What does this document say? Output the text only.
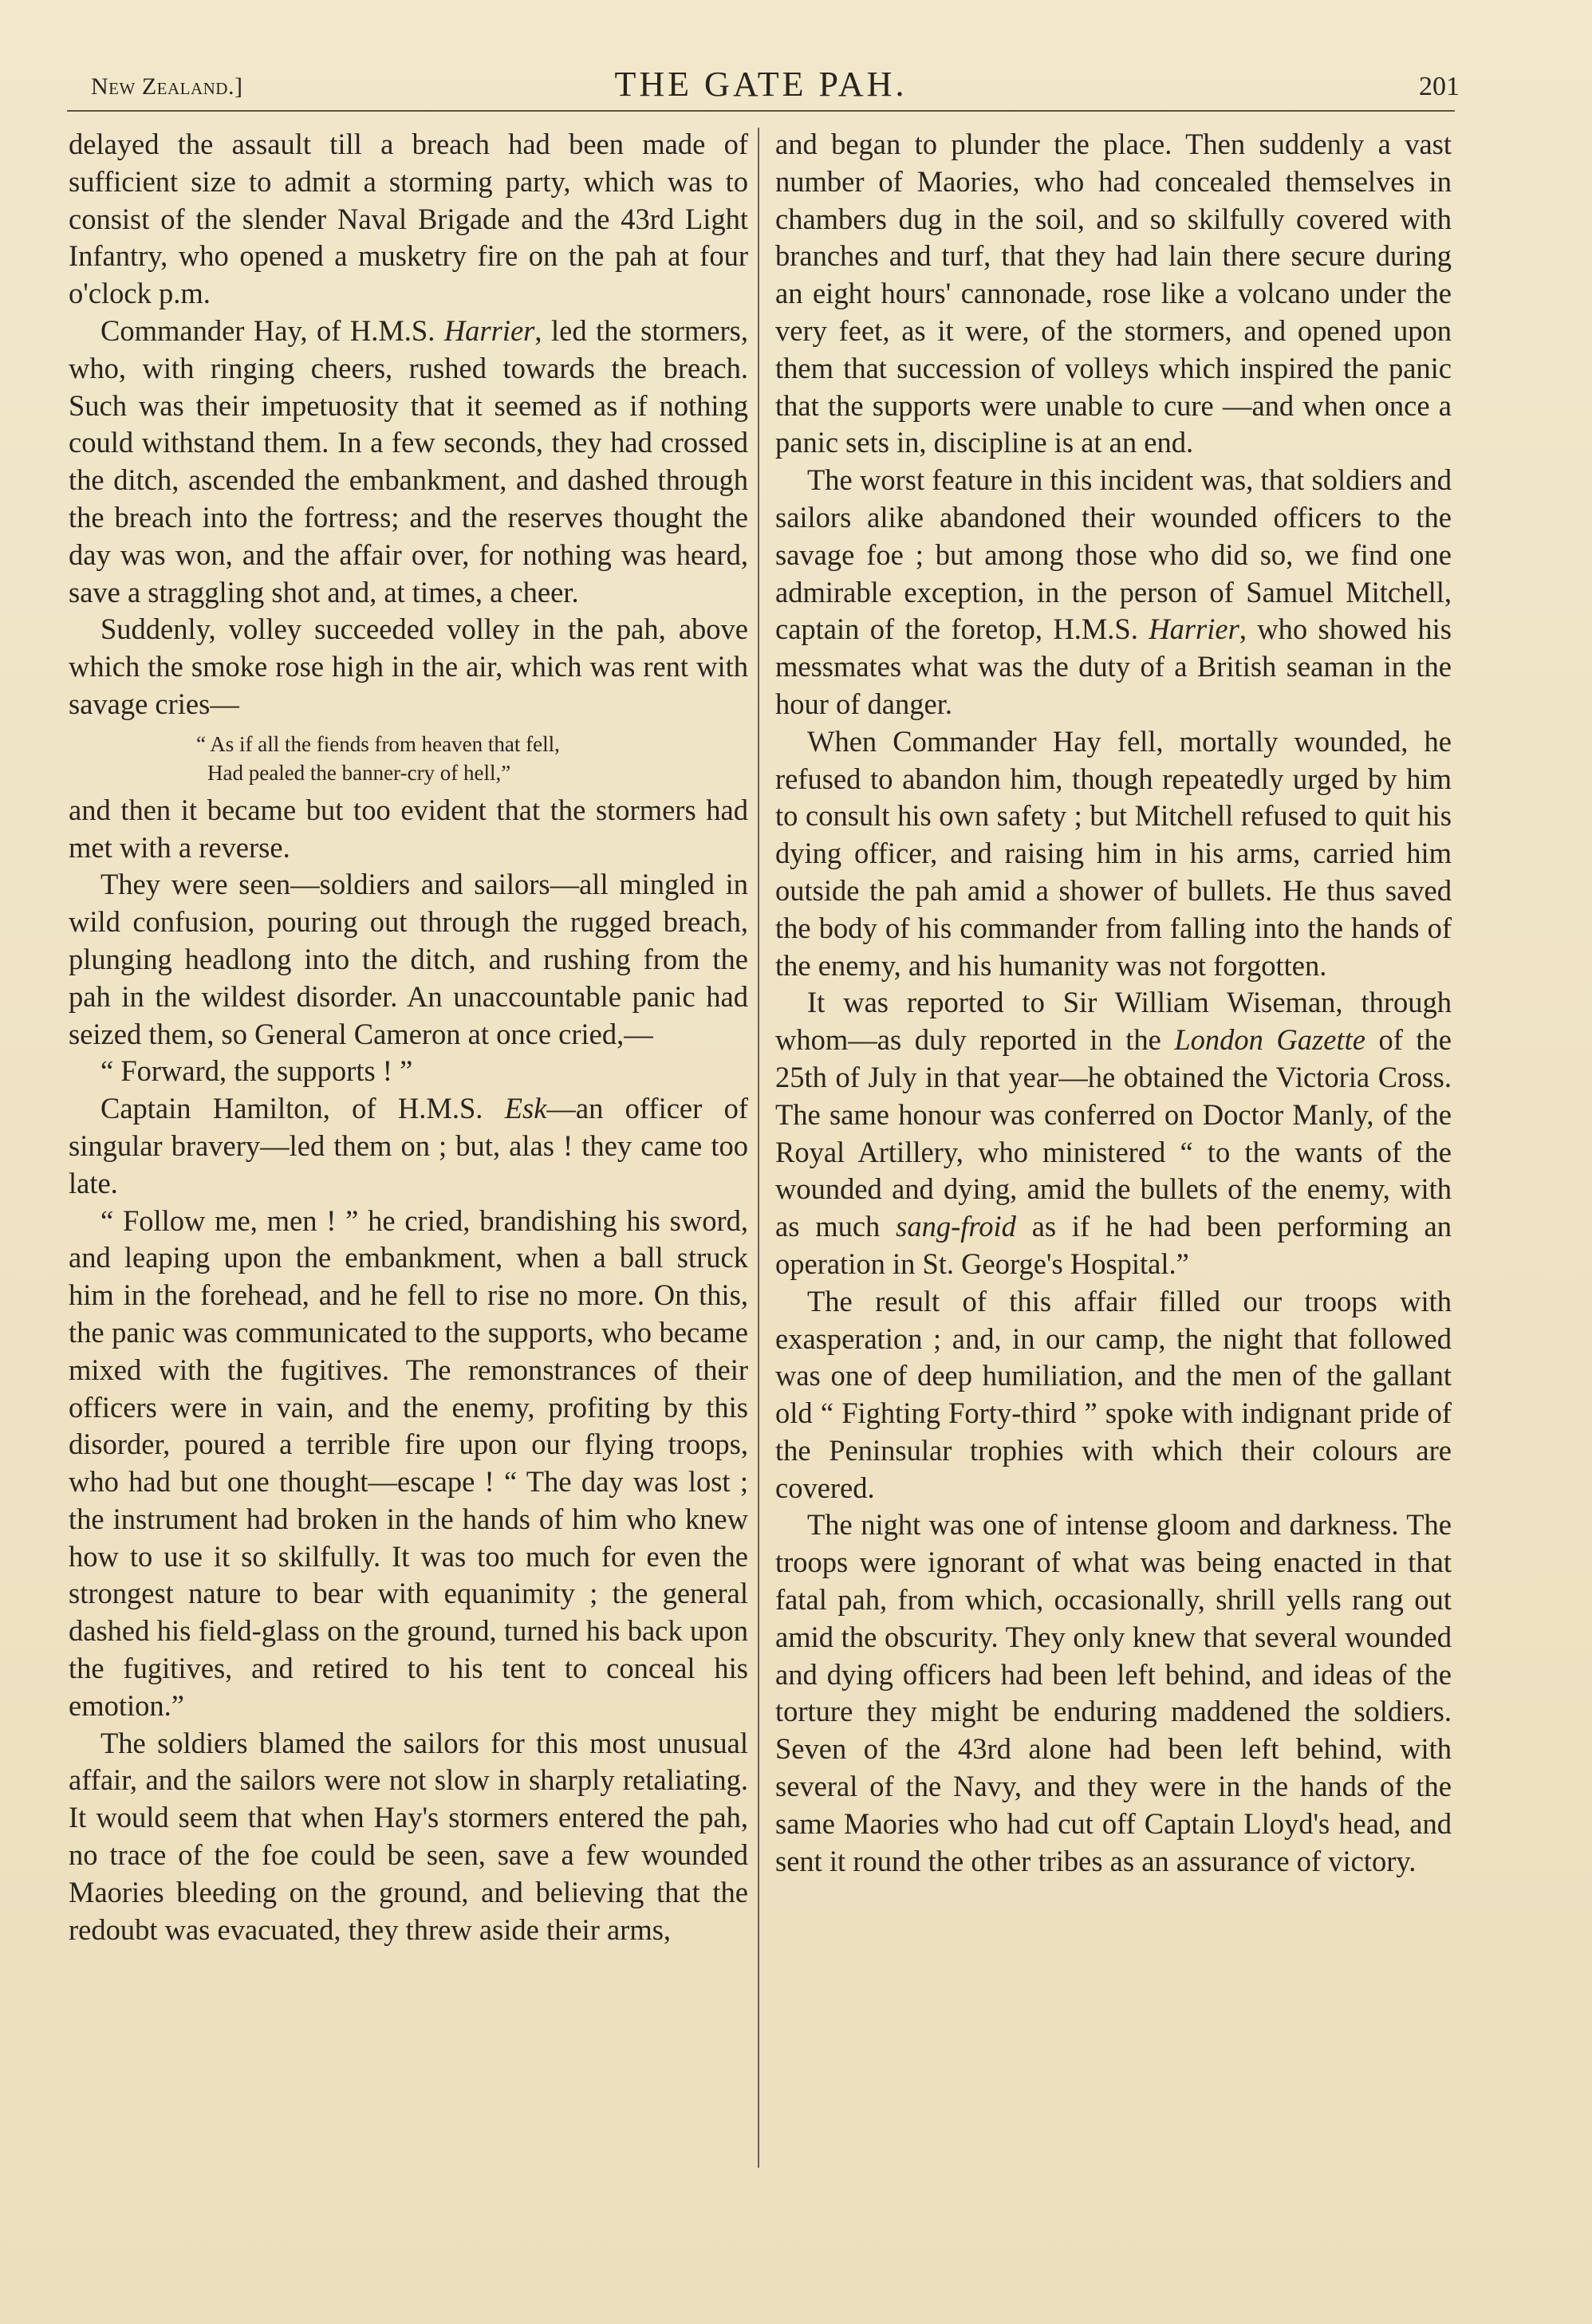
New Zealand.]	THE GATE PAH.	201

delayed the assault till a breach had been made of sufficient size to admit a storming party, which was to consist of the slender Naval Brigade and the 43rd Light Infantry, who opened a musketry fire on the pah at four o'clock p.m.

Commander Hay, of H.M.S. Harrier, led the stormers, who, with ringing cheers, rushed towards the breach. Such was their impetuosity that it seemed as if nothing could withstand them. In a few seconds, they had crossed the ditch, ascended the embankment, and dashed through the breach into the fortress; and the reserves thought the day was won, and the affair over, for nothing was heard, save a straggling shot and, at times, a cheer.

Suddenly, volley succeeded volley in the pah, above which the smoke rose high in the air, which was rent with savage cries—

“ As if all the fiends from heaven that fell,
Had pealed the banner-cry of hell,”

and then it became but too evident that the stormers had met with a reverse.

They were seen—soldiers and sailors—all mingled in wild confusion, pouring out through the rugged breach, plunging headlong into the ditch, and rushing from the pah in the wildest disorder. An unaccountable panic had seized them, so General Cameron at once cried,—

“ Forward, the supports ! ”

Captain Hamilton, of H.M.S. Esk—an officer of singular bravery—led them on ; but, alas ! they came too late.

“ Follow me, men ! ” he cried, brandishing his sword, and leaping upon the embankment, when a ball struck him in the forehead, and he fell to rise no more. On this, the panic was communicated to the supports, who became mixed with the fugitives. The remonstrances of their officers were in vain, and the enemy, profiting by this disorder, poured a terrible fire upon our flying troops, who had but one thought—escape ! “ The day was lost ; the instrument had broken in the hands of him who knew how to use it so skilfully. It was too much for even the strongest nature to bear with equanimity ; the general dashed his field-glass on the ground, turned his back upon the fugitives, and retired to his tent to conceal his emotion.”

The soldiers blamed the sailors for this most unusual affair, and the sailors were not slow in sharply retaliating. It would seem that when Hay's stormers entered the pah, no trace of the foe could be seen, save a few wounded Maories bleeding on the ground, and believing that the redoubt was evacuated, they threw aside their arms,

and began to plunder the place. Then suddenly a vast number of Maories, who had concealed themselves in chambers dug in the soil, and so skilfully covered with branches and turf, that they had lain there secure during an eight hours' cannonade, rose like a volcano under the very feet, as it were, of the stormers, and opened upon them that succession of volleys which inspired the panic that the supports were unable to cure —and when once a panic sets in, discipline is at an end.

The worst feature in this incident was, that soldiers and sailors alike abandoned their wounded officers to the savage foe ; but among those who did so, we find one admirable exception, in the person of Samuel Mitchell, captain of the foretop, H.M.S. Harrier, who showed his messmates what was the duty of a British seaman in the hour of danger.

When Commander Hay fell, mortally wounded, he refused to abandon him, though repeatedly urged by him to consult his own safety ; but Mitchell refused to quit his dying officer, and raising him in his arms, carried him outside the pah amid a shower of bullets. He thus saved the body of his commander from falling into the hands of the enemy, and his humanity was not forgotten.

It was reported to Sir William Wiseman, through whom—as duly reported in the London Gazette of the 25th of July in that year—he obtained the Victoria Cross. The same honour was conferred on Doctor Manly, of the Royal Artillery, who ministered “ to the wants of the wounded and dying, amid the bullets of the enemy, with as much sang-froid as if he had been performing an operation in St. George's Hospital.”

The result of this affair filled our troops with exasperation ; and, in our camp, the night that followed was one of deep humiliation, and the men of the gallant old “ Fighting Forty-third ” spoke with indignant pride of the Peninsular trophies with which their colours are covered.

The night was one of intense gloom and darkness. The troops were ignorant of what was being enacted in that fatal pah, from which, occasionally, shrill yells rang out amid the obscurity. They only knew that several wounded and dying officers had been left behind, and ideas of the torture they might be enduring maddened the soldiers. Seven of the 43rd alone had been left behind, with several of the Navy, and they were in the hands of the same Maories who had cut off Captain Lloyd's head, and sent it round the other tribes as an assurance of victory.
